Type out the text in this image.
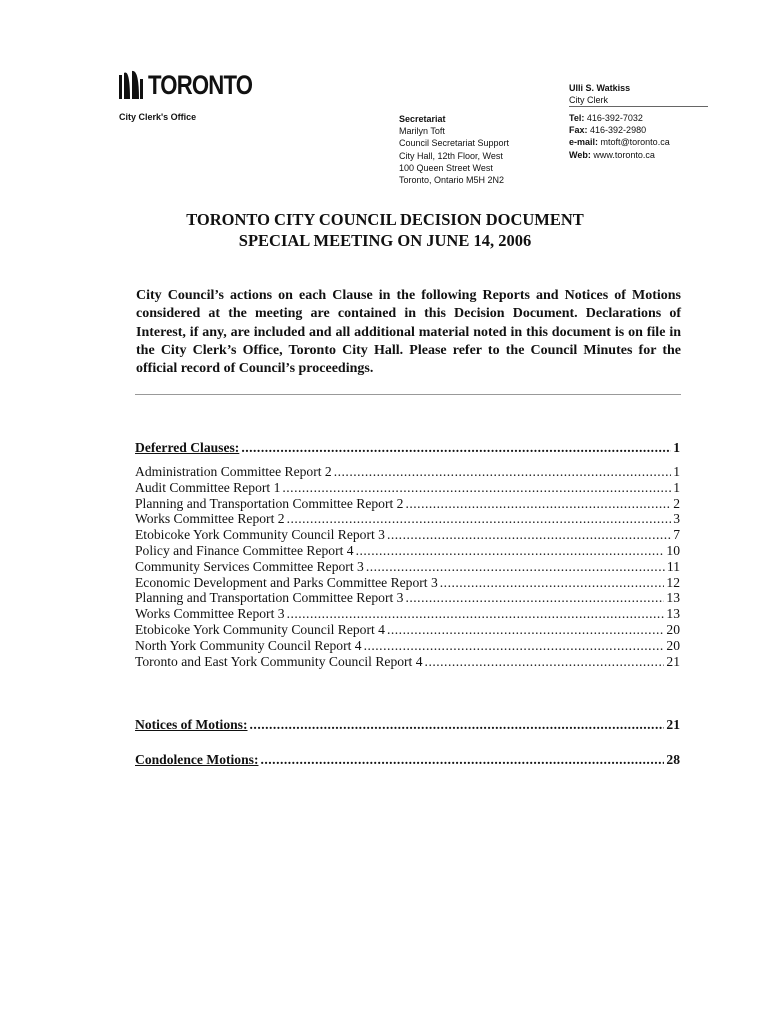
TORONTO	Ulli S. Watkiss
City Clerk
City Clerk's Office	Secretariat
Marilyn Toft
Council Secretariat Support
City Hall, 12th Floor, West
100 Queen Street West
Toronto, Ontario M5H 2N2
Tel: 416-392-7032
Fax: 416-392-2980
e-mail: mtoft@toronto.ca
Web: www.toronto.ca
TORONTO CITY COUNCIL DECISION DOCUMENT
SPECIAL MEETING ON JUNE 14, 2006
City Council’s actions on each Clause in the following Reports and Notices of Motions considered at the meeting are contained in this Decision Document. Declarations of Interest, if any, are included and all additional material noted in this document is on file in the City Clerk’s Office, Toronto City Hall. Please refer to the Council Minutes for the official record of Council’s proceedings.
Deferred Clauses: .....	1
Administration Committee Report 2 .....	1
Audit Committee Report 1 .....	1
Planning and Transportation Committee Report 2 .....	2
Works Committee Report 2 .....	3
Etobicoke York Community Council Report 3 .....	7
Policy and Finance Committee Report 4 .....	10
Community Services Committee Report 3 .....	11
Economic Development and Parks Committee Report 3 .....	12
Planning and Transportation Committee Report 3 .....	13
Works Committee Report 3 .....	13
Etobicoke York Community Council Report 4 .....	20
North York Community Council Report 4 .....	20
Toronto and East York Community Council Report 4 .....	21
Notices of Motions: .....	21
Condolence Motions: .....	28
